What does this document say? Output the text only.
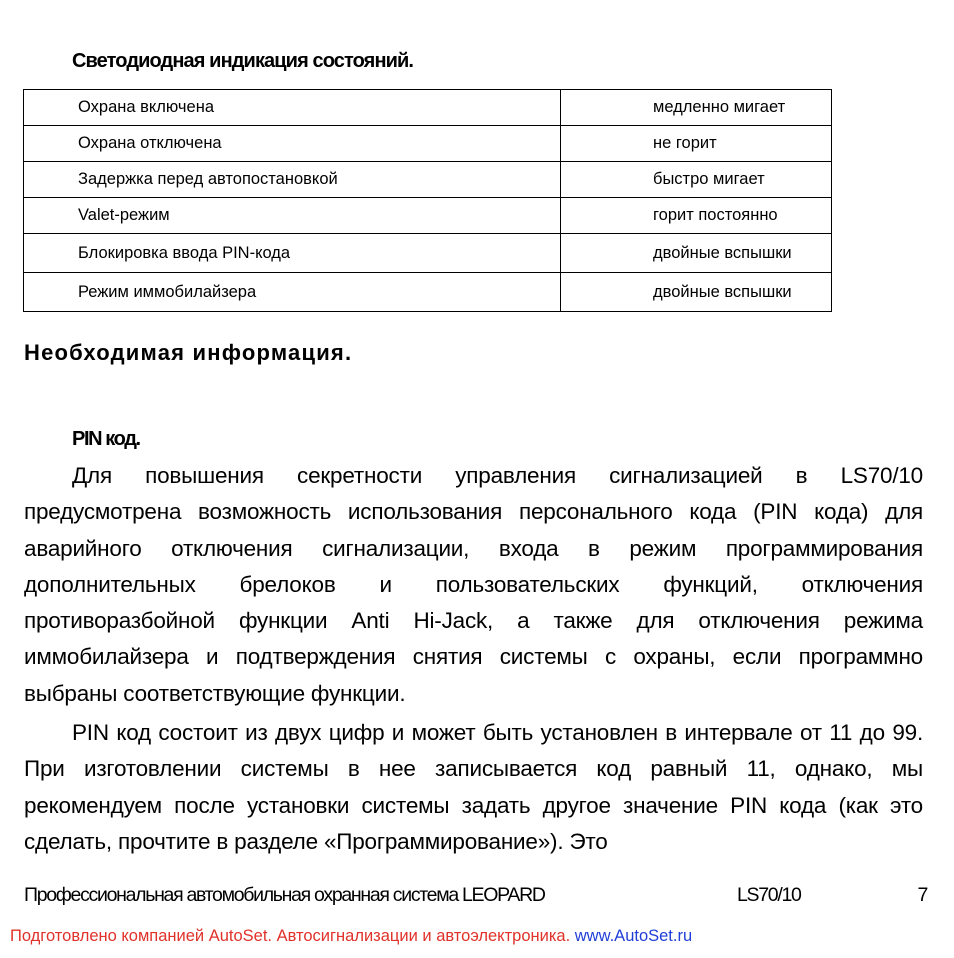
Светодиодная индикация состояний.
Охрана включена	медленно мигает
Охрана отключена	не горит
Задержка перед автопостановкой	быстро мигает
Valet-режим	горит постоянно
Блокировка ввода PIN-кода	двойные вспышки
Режим иммобилайзера	двойные вспышки
Необходимая информация.
PIN код.

Для повышения секретности управления сигнализацией в LS70/10 предусмотрена возможность использования персонального кода (PIN кода) для аварийного отключения сигнализации, входа в режим программирования дополнительных брелоков и пользовательских функций, отключения противоразбойной функции Anti Hi-Jack, а также для отключения режима иммобилайзера и подтверждения снятия системы с охраны, если программно выбраны соответствующие функции.

PIN код состоит из двух цифр и может быть установлен в интервале от 11 до 99. При изготовлении системы в нее записывается код равный 11, однако, мы рекомендуем после установки системы задать другое значение PIN кода (как это сделать, прочтите в разделе «Программирование»). Это

Профессиональная автомобильная охранная система LEOPARD	LS70/10	7
Подготовлено компанией AutoSet. Автосигнализации и автоэлектроника. www.AutoSet.ru
